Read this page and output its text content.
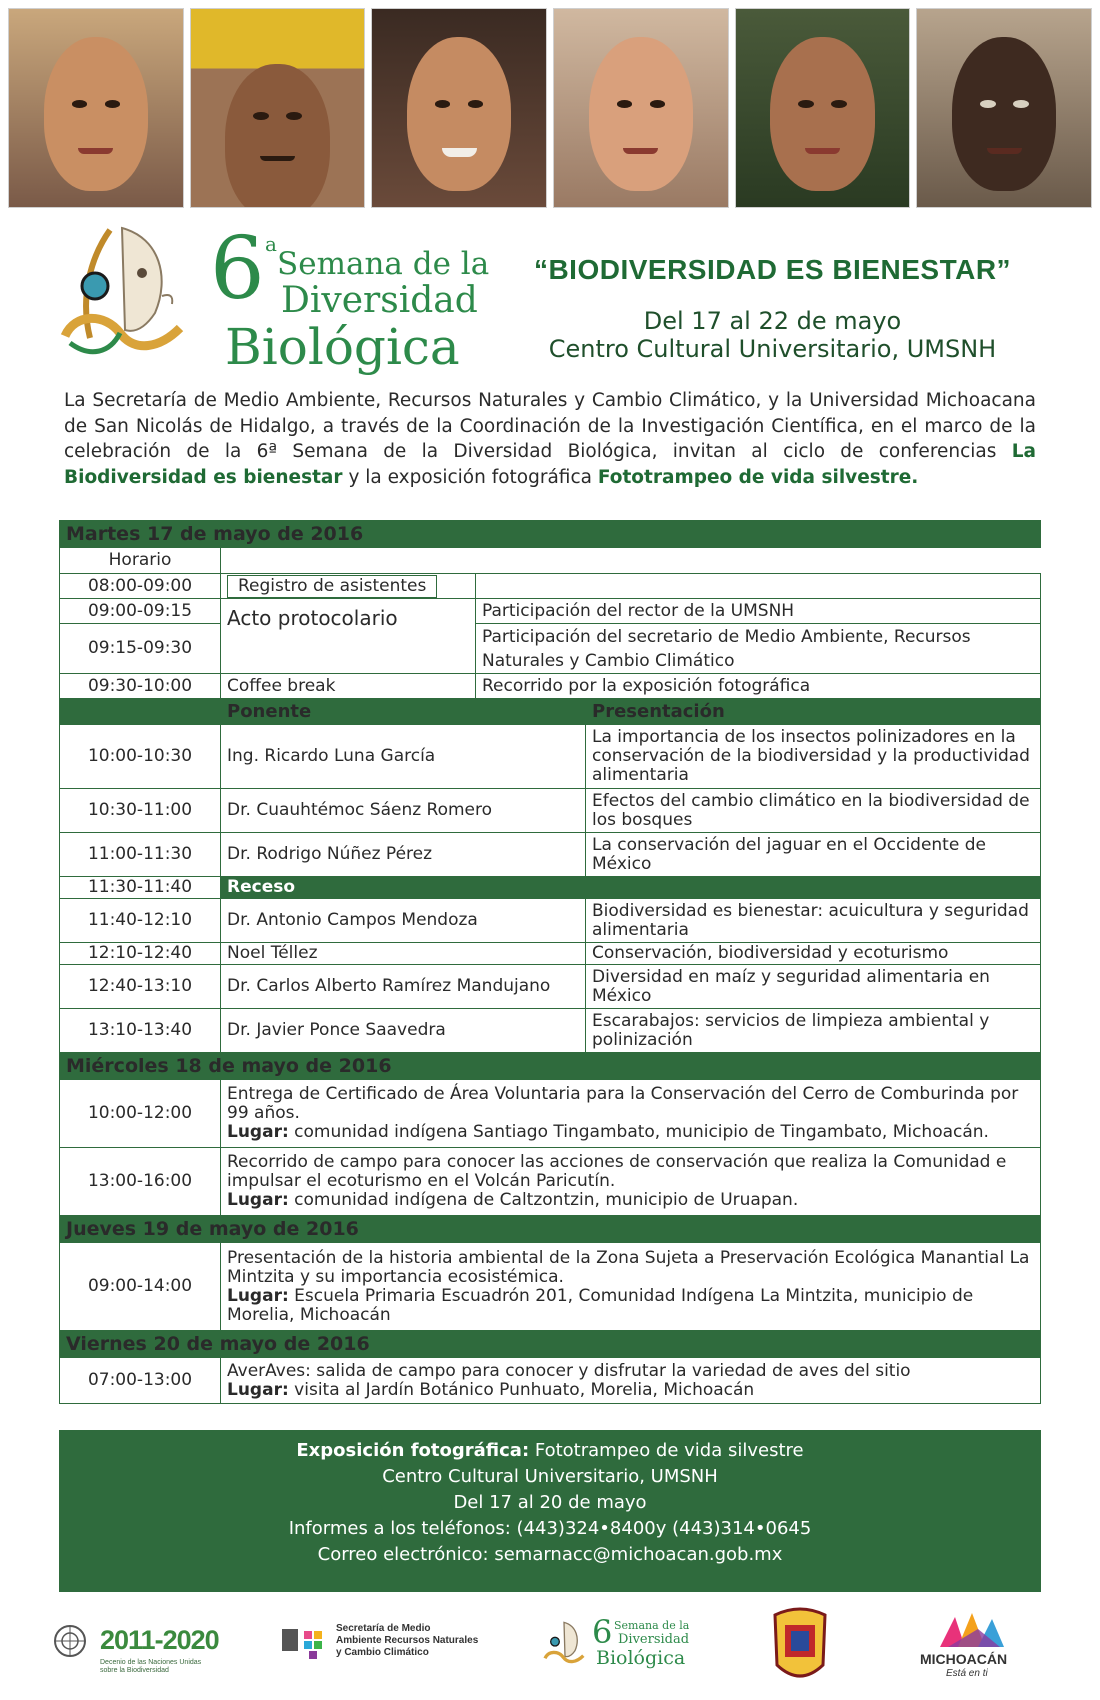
6 a
Semana de la
Diversidad
Biológica
“BIODIVERSIDAD ES BIENESTAR”
Del 17 al 22 de mayo
Centro Cultural Universitario, UMSNH
La Secretaría de Medio Ambiente, Recursos Naturales y Cambio Climático, y la Universidad Michoacana de San Nicolás de Hidalgo, a través de la Coordinación de la Investigación Científica, en el marco de la celebración de la 6ª Semana de la Diversidad Biológica, invitan al ciclo de conferencias La Biodiversidad es bienestar y la exposición fotográfica Fototrampeo de vida silvestre.
Martes 17 de mayo de 2016			
Horario			
08:00-09:00	Registro de asistentes		
09:00-09:15	Acto protocolario	Participación del rector de la UMSNH	
09:15-09:30		Participación del secretario de Medio Ambiente, Recursos Naturales y Cambio Climático	
09:30-10:00	Coffee break	Recorrido por la exposición fotográfica	
	Ponente		Presentación
10:00-10:30	Ing. Ricardo Luna García		La importancia de los insectos polinizadores en la conservación de la biodiversidad y la productividad alimentaria
10:30-11:00	Dr. Cuauhtémoc Sáenz Romero		Efectos del cambio climático en la biodiversidad de los bosques
11:00-11:30	Dr. Rodrigo Núñez Pérez		La conservación del jaguar en el Occidente de México
11:30-11:40	Receso		
11:40-12:10	Dr. Antonio Campos Mendoza		Biodiversidad es bienestar: acuicultura y seguridad alimentaria
12:10-12:40	Noel Téllez		Conservación, biodiversidad y ecoturismo
12:40-13:10	Dr. Carlos Alberto Ramírez Mandujano		Diversidad en maíz y seguridad alimentaria en México
13:10-13:40	Dr. Javier Ponce Saavedra		Escarabajos: servicios de limpieza ambiental y polinización
Miércoles 18 de mayo de 2016			
10:00-12:00	Entrega de Certificado de Área Voluntaria para la Conservación del Cerro de Comburinda por 99 años.
Lugar: comunidad indígena Santiago Tingambato, municipio de Tingambato, Michoacán.		

13:00-16:00	Recorrido de campo para conocer las acciones de conservación que realiza la Comunidad e impulsar el ecoturismo en el Volcán Paricutín.
Lugar: comunidad indígena de Caltzontzin, municipio de Uruapan.		

Jueves 19 de mayo de 2016			
09:00-14:00	Presentación de la historia ambiental de la Zona Sujeta a Preservación Ecológica Manantial La Mintzita y su importancia ecosistémica.
Lugar: Escuela Primaria Escuadrón 201, Comunidad Indígena La Mintzita, municipio de Morelia, Michoacán		

Viernes 20 de mayo de 2016			
07:00-13:00	AverAves: salida de campo para conocer y disfrutar la variedad de aves del sitio
Lugar: visita al Jardín Botánico Punhuato, Morelia, Michoacán		
Exposición fotográfica: Fototrampeo de vida silvestre
Centro Cultural Universitario, UMSNH
Del 17 al 20 de mayo
Informes a los teléfonos: (443)324•8400y (443)314•0645
Correo electrónico: semarnacc@michoacan.gob.mx
2011-2020
Decenio de las Naciones Unidas sobre la Biodiversidad
Secretaría de Medio
Ambiente Recursos Naturales
y Cambio Climático
6 Semana de la
Diversidad
Biológica	MICHOACÁN
Está en ti
